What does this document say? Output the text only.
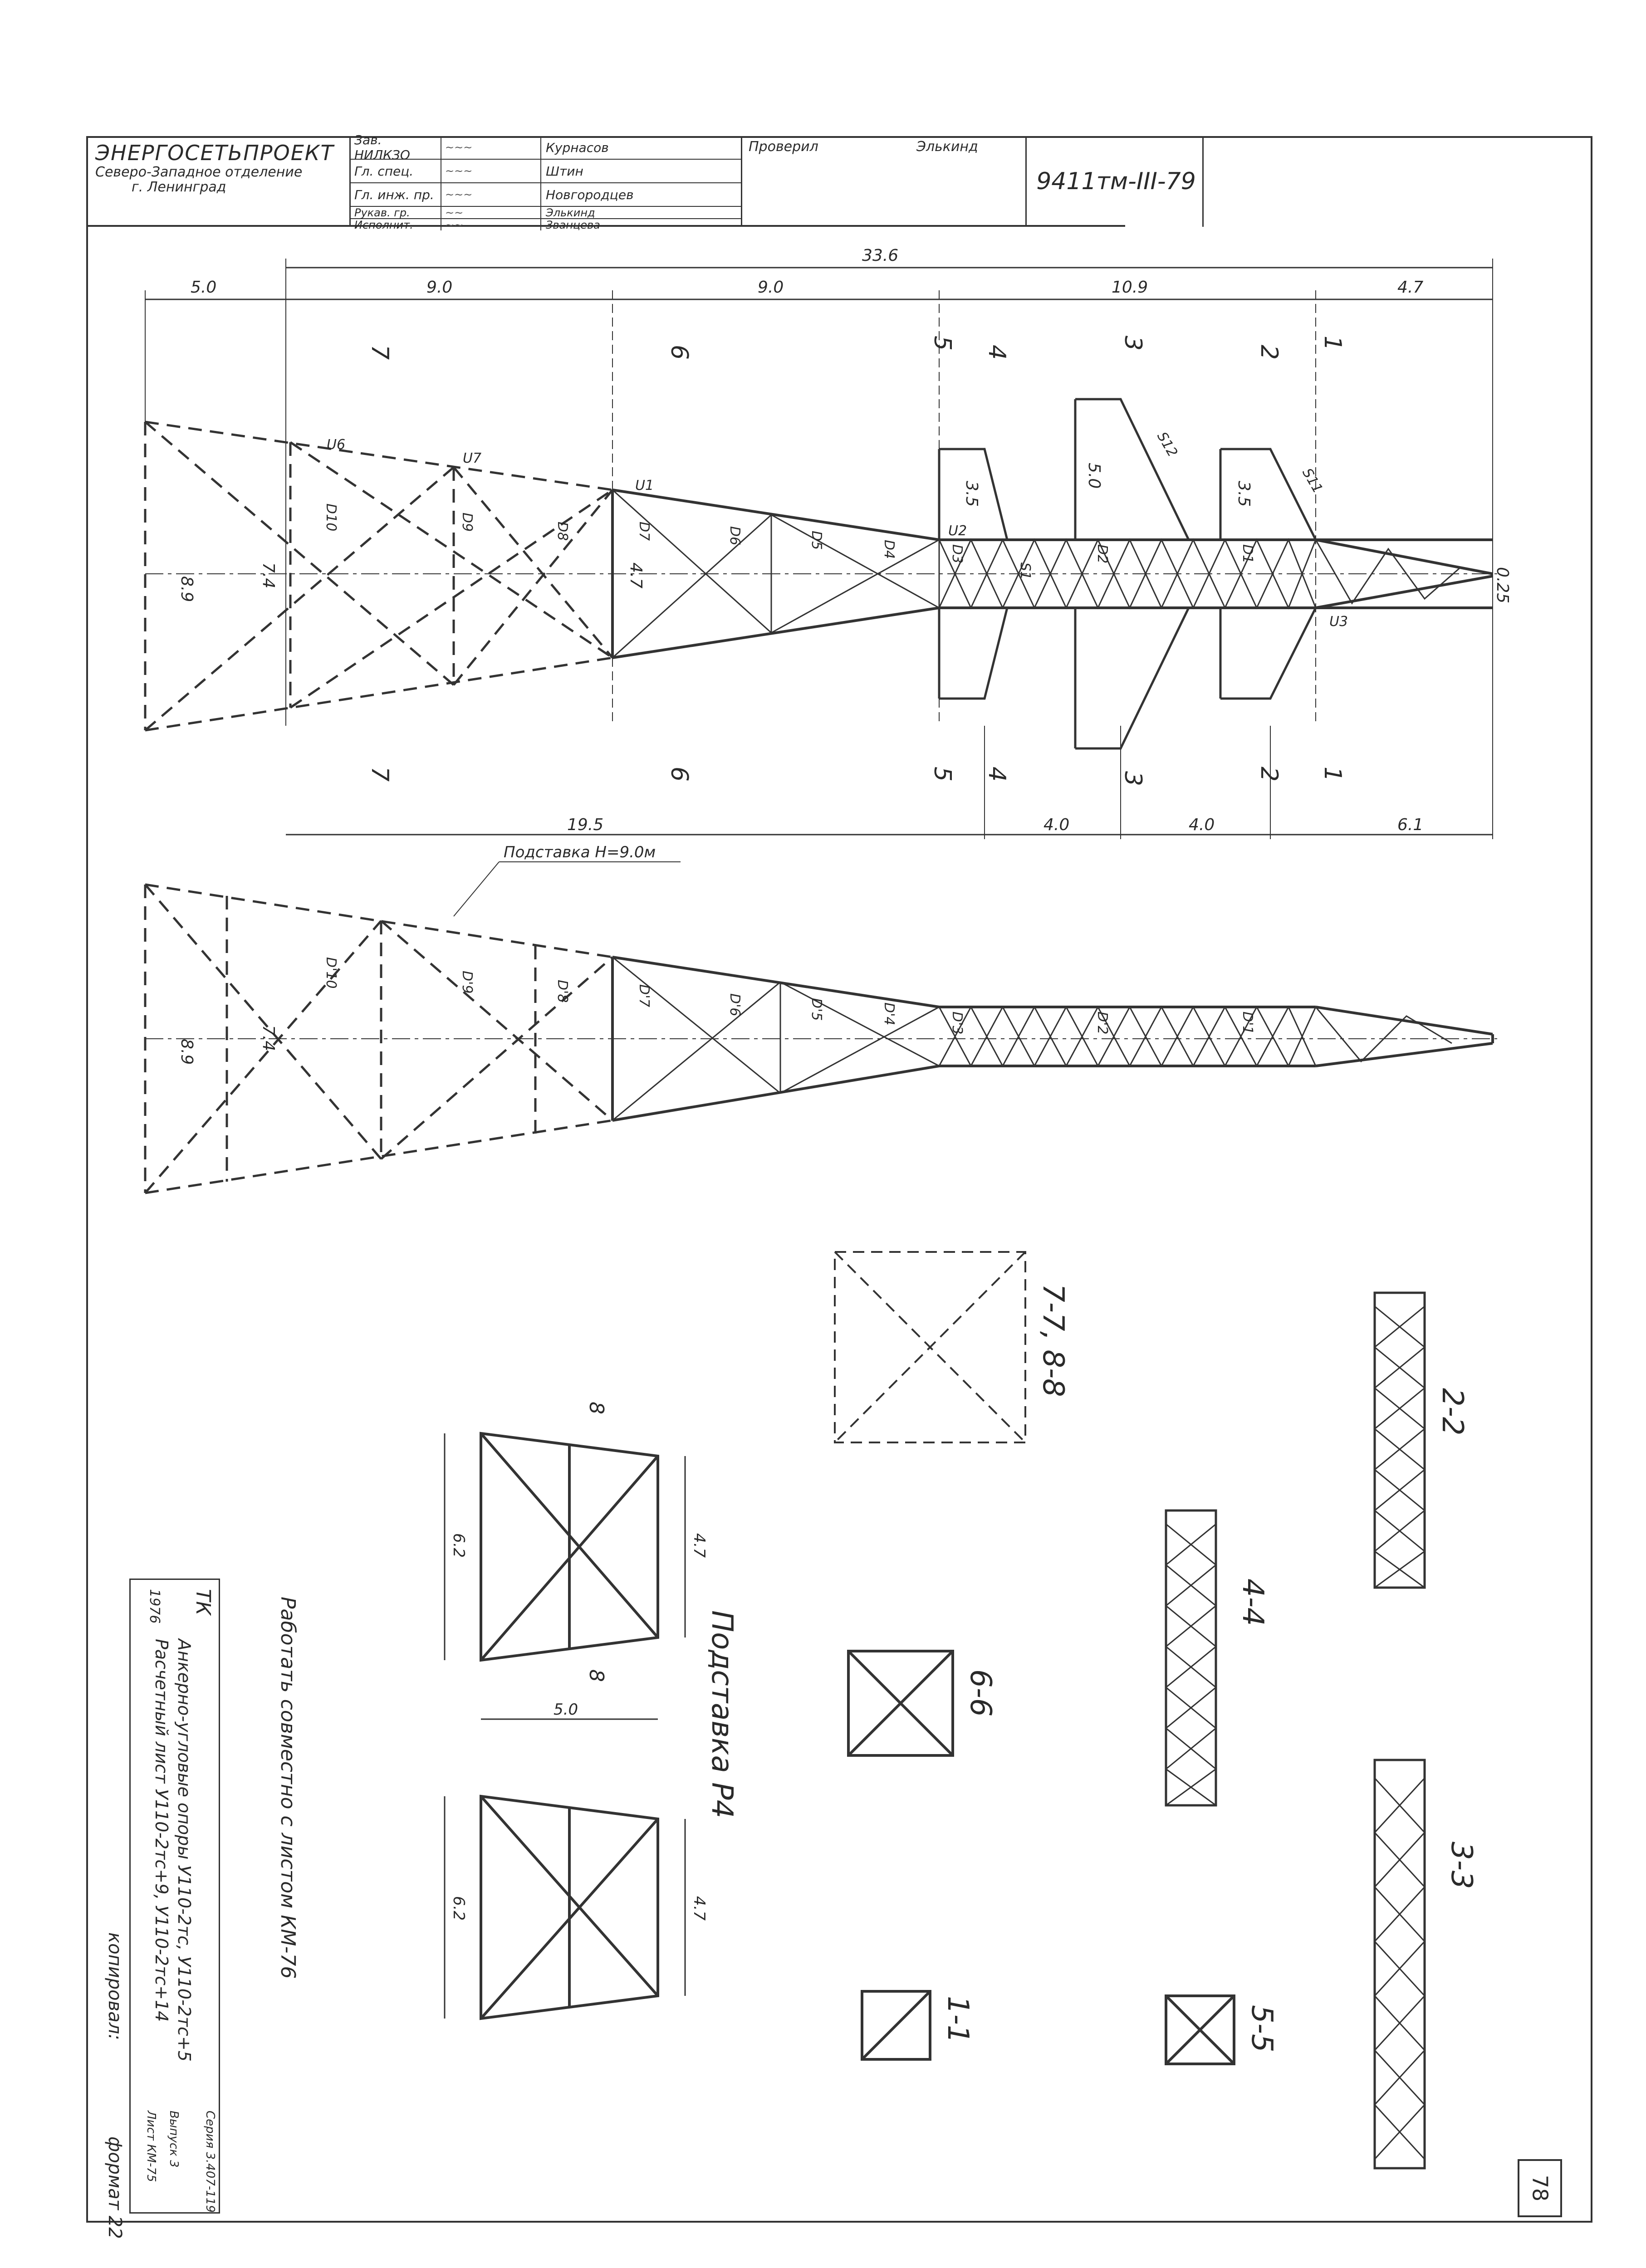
ЭНЕРГОСЕТЬПРОЕКТ
Северо-Западное отделение
г. Ленинград
Зав. НИЛКЗО	~~~	Курнасов
Гл. спец.	~~~	Штин
Гл. инж. пр.	~~~	Новгородцев
Рукав. гр.	~~	Элькинд
Исполнит.	~~	Званцева
Проверил	Элькинд
9411тм-III-79
33.6
5.0	9.0	9.0	10.9	4.7
19.5	4.0	4.0	6.1
8.9
7.4	4.7	0.25
3.5
5.0
3.5
7	6
5
4
3
2
1
7	6	5 4	3	2 1
U6
U7
U1
U2
U3
D10	D9	D8	D7	D6	D5	D4	D3	D2	D1
S1
S12
S11
Подставка H=9.0м
8.9
7.4
D'10	D'9	D'8	D'7	D'6	D'5	D'4	D'3	D'2	D'1
7-7, 8-8
2-2
4-4
3-3
6-6
5-5
1-1
Подставка Р4
8
8
6.2	4.7
5.0
6.2	4.7
Работать совместно с листом КМ-76
копировал:
формат 22
ТК
1976
Анкерно-угловые опоры У110-2тс, У110-2тс+5
Расчетный лист У110-2тс+9, У110-2тс+14
Серия 3.407-119
Выпуск 3
Лист КМ-75
78
